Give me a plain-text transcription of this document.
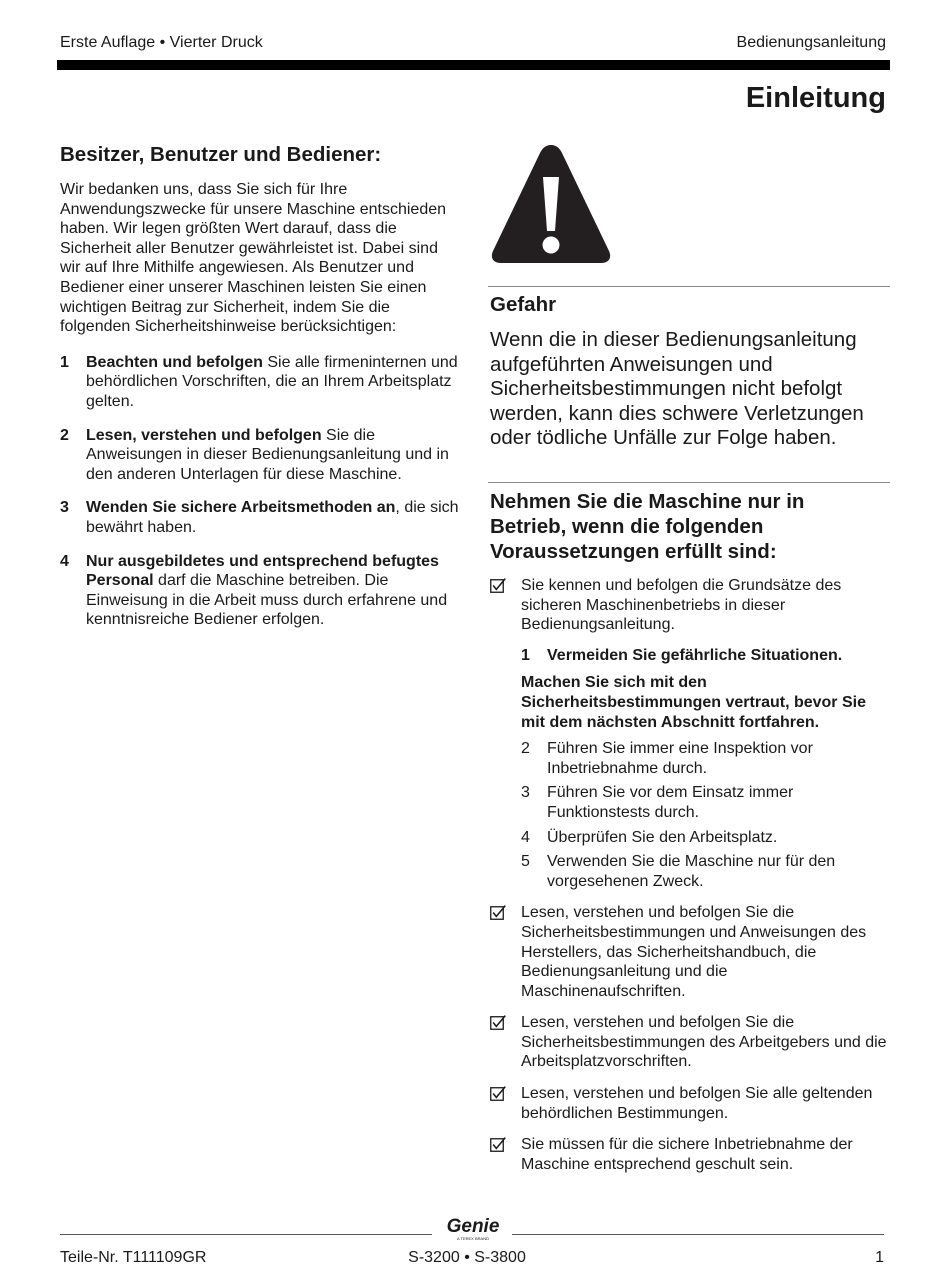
Erste Auflage • Vierter Druck	Bedienungsanleitung
Einleitung
Besitzer, Benutzer und Bediener:

Wir bedanken uns, dass Sie sich für Ihre Anwendungszwecke für unsere Maschine entschieden haben. Wir legen größten Wert darauf, dass die Sicherheit aller Benutzer gewährleistet ist. Dabei sind wir auf Ihre Mithilfe angewiesen. Als Benutzer und Bediener einer unserer Maschinen leisten Sie einen wichtigen Beitrag zur Sicherheit, indem Sie die folgenden Sicherheitshinweise berücksichtigen:

1 Beachten und befolgen Sie alle firmeninternen und behördlichen Vorschriften, die an Ihrem Arbeitsplatz gelten.
2 Lesen, verstehen und befolgen Sie die Anweisungen in dieser Bedienungsanleitung und in den anderen Unterlagen für diese Maschine.
3 Wenden Sie sichere Arbeitsmethoden an, die sich bewährt haben.
4 Nur ausgebildetes und entsprechend befugtes Personal darf die Maschine betreiben. Die Einweisung in die Arbeit muss durch erfahrene und kenntnisreiche Bediener erfolgen.
Gefahr

Wenn die in dieser Bedienungsanleitung aufgeführten Anweisungen und Sicherheitsbestimmungen nicht befolgt werden, kann dies schwere Verletzungen oder tödliche Unfälle zur Folge haben.

Nehmen Sie die Maschine nur in Betrieb, wenn die folgenden Voraussetzungen erfüllt sind:
Sie kennen und befolgen die Grundsätze des sicheren Maschinenbetriebs in dieser Bedienungsanleitung.
1 Vermeiden Sie gefährliche Situationen.

Machen Sie sich mit den Sicherheitsbestimmungen vertraut, bevor Sie mit dem nächsten Abschnitt fortfahren.

2 Führen Sie immer eine Inspektion vor Inbetriebnahme durch.
3 Führen Sie vor dem Einsatz immer Funktionstests durch.
4 Überprüfen Sie den Arbeitsplatz.
5 Verwenden Sie die Maschine nur für den vorgesehenen Zweck.
Lesen, verstehen und befolgen Sie die Sicherheitsbestimmungen und Anweisungen des Herstellers, das Sicherheitshandbuch, die Bedienungsanleitung und die Maschinenaufschriften.
Lesen, verstehen und befolgen Sie die Sicherheitsbestimmungen des Arbeitgebers und die Arbeitsplatzvorschriften.
Lesen, verstehen und befolgen Sie alle geltenden behördlichen Bestimmungen.
Sie müssen für die sichere Inbetriebnahme der Maschine entsprechend geschult sein.
Genie
A TEREX BRAND
Teile-Nr. T111109GR	S-3200 • S-3800	1
